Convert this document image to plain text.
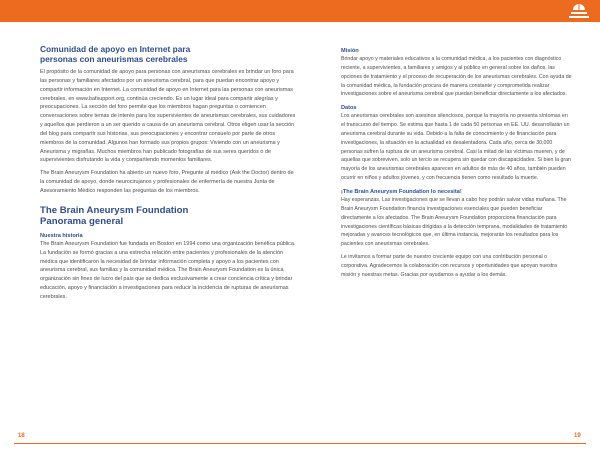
Comunidad de apoyo en Internet para
personas con aneurismas cerebrales

El propósito de la comunidad de apoyo para personas con aneurismas cerebrales es brindar un foro para las personas y familiares afectados por un aneurisma cerebral, para que puedan encontrar apoyo y compartir información en Internet. La comunidad de apoyo en Internet para las personas con aneurismas cerebrales, en www.bafsupport.org, continúa creciendo. Es un lugar ideal para compartir alegrías y preocupaciones. La sección del foro permite que los miembros hagan preguntas o comiencen conversaciones sobre temas de interés para los supervivientes de aneurismas cerebrales, sus cuidadores y aquellos que perdieron a un ser querido a causa de un aneurisma cerebral. Otros eligen usar la sección del blog para compartir sus historias, sus preocupaciones y encontrar consuelo por parte de otros miembros de la comunidad. Algunos han formado sus propios grupos: Viviendo con un aneurisma y Aneurisma y migrañas. Muchos miembros han publicado fotografías de sus seres queridos o de supervivientes disfrutando la vida y compartiendo momentos familiares.

The Brain Aneurysm Foundation ha abierto un nuevo foro, Pregunte al médico (Ask the Doctor) dentro de la comunidad de apoyo, donde neurocirujanos y profesionales de enfermería de nuestra Junta de Asesoramiento Médico responden las preguntas de los miembros.

The Brain Aneurysm Foundation
Panorama general
Nuestra historia

The Brain Aneurysm Foundation fue fundada en Boston en 1994 como una organización benéfica pública. La fundación se formó gracias a una estrecha relación entre pacientes y profesionales de la atención médica que identificaron la necesidad de brindar información completa y apoyo a los pacientes con aneurisma cerebral, sus familias y la comunidad médica. The Brain Aneurysm Foundation es la única organización sin fines de lucro del país que se dedica exclusivamente a crear conciencia crítica y brindar educación, apoyo y financiación a investigaciones para reducir la incidencia de rupturas de aneurismas cerebrales.

Misión

Brindar apoyo y materiales educativos a la comunidad médica, a los pacientes con diagnóstico reciente, a supervivientes, a familiares y amigos y al público en general sobre los daños, las opciones de tratamiento y el proceso de recuperación de los aneurismas cerebrales. Con ayuda de la comunidad médica, la fundación procura de manera constante y comprometida realizar investigaciones sobre el aneurisma cerebral que puedan beneficiar directamente a los afectados.

Datos

Los aneurismas cerebrales son asesinos silenciosos, porque la mayoría no presenta síntomas en el transcurso del tiempo. Se estima que hasta 1 de cada 50 personas en EE. UU. desarrollarán un aneurisma cerebral durante su vida. Debido a la falta de conocimiento y de financiación para investigaciones, la situación en la actualidad es desalentadora. Cada año, cerca de 30,000 personas sufren la ruptura de un aneurisma cerebral. Casi la mitad de las víctimas mueren, y de aquellas que sobreviven, solo un tercio se recupera sin quedar con discapacidades. Si bien la gran mayoría de los aneurismas cerebrales aparecen en adultos de más de 40 años, también pueden ocurrir en niños y adultos jóvenes, y con frecuencia tienen como resultado la muerte.

¡The Brain Aneurysm Foundation lo necesita!

Hay esperanzas. Las investigaciones que se llevan a cabo hoy podrán salvar vidas mañana. The Brain Aneurysm Foundation financia investigaciones esenciales que pueden beneficiar directamente a los afectados. The Brain Aneurysm Foundation proporciona financiación para investigaciones científicas básicas dirigidas a la detección temprana, modalidades de tratamiento mejoradas y avances tecnológicos que, en última instancia, mejorarán los resultados para los pacientes con aneurismas cerebrales.

Le invitamos a formar parte de nuestro creciente equipo con una contribución personal o corporativa. Agradecemos la colaboración con recursos y oportunidades que apoyan nuestra misión y nuestras metas. Gracias por ayudarnos a ayudar a los demás.

18	19
